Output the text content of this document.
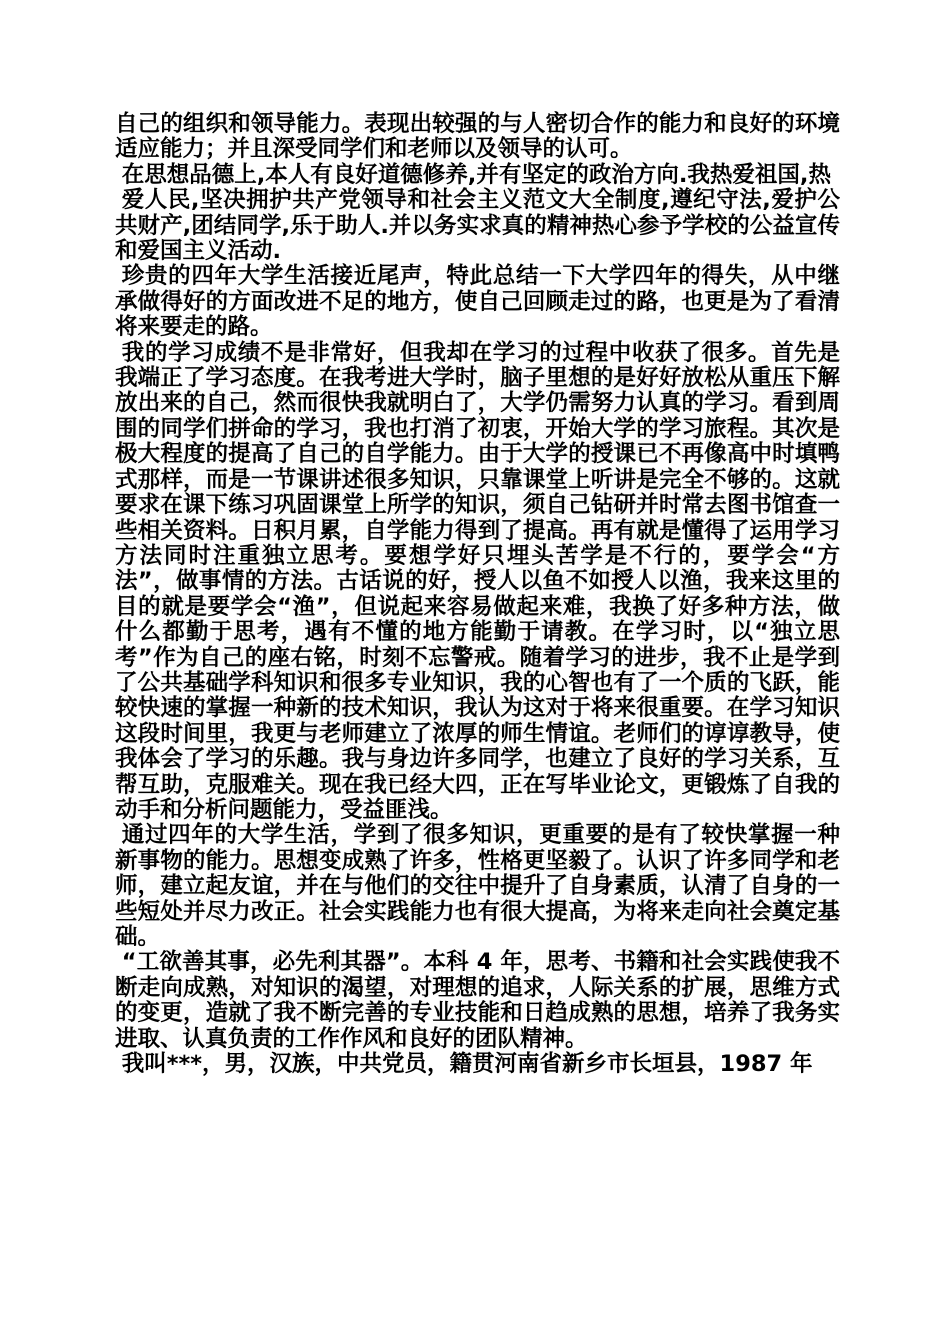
自己的组织和领导能力。表现出较强的与人密切合作的能力和良好的环境适应能力；并且深受同学们和老师以及领导的认可。

在思想品德上,本人有良好道德修养,并有坚定的政治方向.我热爱祖国,热

爱人民,坚决拥护共产党领导和社会主义范文大全制度,遵纪守法,爱护公共财产,团结同学,乐于助人.并以务实求真的精神热心参予学校的公益宣传和爱国主义活动.

珍贵的四年大学生活接近尾声，特此总结一下大学四年的得失，从中继承做得好的方面改进不足的地方，使自己回顾走过的路，也更是为了看清将来要走的路。

我的学习成绩不是非常好，但我却在学习的过程中收获了很多。首先是我端正了学习态度。在我考进大学时，脑子里想的是好好放松从重压下解放出来的自己，然而很快我就明白了，大学仍需努力认真的学习。看到周围的同学们拼命的学习，我也打消了初衷，开始大学的学习旅程。其次是极大程度的提高了自己的自学能力。由于大学的授课已不再像高中时填鸭式那样，而是一节课讲述很多知识，只靠课堂上听讲是完全不够的。这就要求在课下练习巩固课堂上所学的知识，须自己钻研并时常去图书馆查一些相关资料。日积月累，自学能力得到了提高。再有就是懂得了运用学习方法同时注重独立思考。要想学好只埋头苦学是不行的，要学会“方法”，做事情的方法。古话说的好，授人以鱼不如授人以渔，我来这里的目的就是要学会“渔”，但说起来容易做起来难，我换了好多种方法，做什么都勤于思考，遇有不懂的地方能勤于请教。在学习时，以“独立思考”作为自己的座右铭，时刻不忘警戒。随着学习的进步，我不止是学到了公共基础学科知识和很多专业知识，我的心智也有了一个质的飞跃，能较快速的掌握一种新的技术知识，我认为这对于将来很重要。在学习知识这段时间里，我更与老师建立了浓厚的师生情谊。老师们的谆谆教导，使我体会了学习的乐趣。我与身边许多同学，也建立了良好的学习关系，互帮互助，克服难关。现在我已经大四，正在写毕业论文，更锻炼了自我的动手和分析问题能力，受益匪浅。

通过四年的大学生活，学到了很多知识，更重要的是有了较快掌握一种新事物的能力。思想变成熟了许多，性格更坚毅了。认识了许多同学和老师，建立起友谊，并在与他们的交往中提升了自身素质，认清了自身的一些短处并尽力改正。社会实践能力也有很大提高，为将来走向社会奠定基础。

“工欲善其事，必先利其器”。本科 4 年，思考、书籍和社会实践使我不断走向成熟，对知识的渴望，对理想的追求，人际关系的扩展，思维方式的变更，造就了我不断完善的专业技能和日趋成熟的思想，培养了我务实进取、认真负责的工作作风和良好的团队精神。

我叫***，男，汉族，中共党员，籍贯河南省新乡市长垣县，1987 年
